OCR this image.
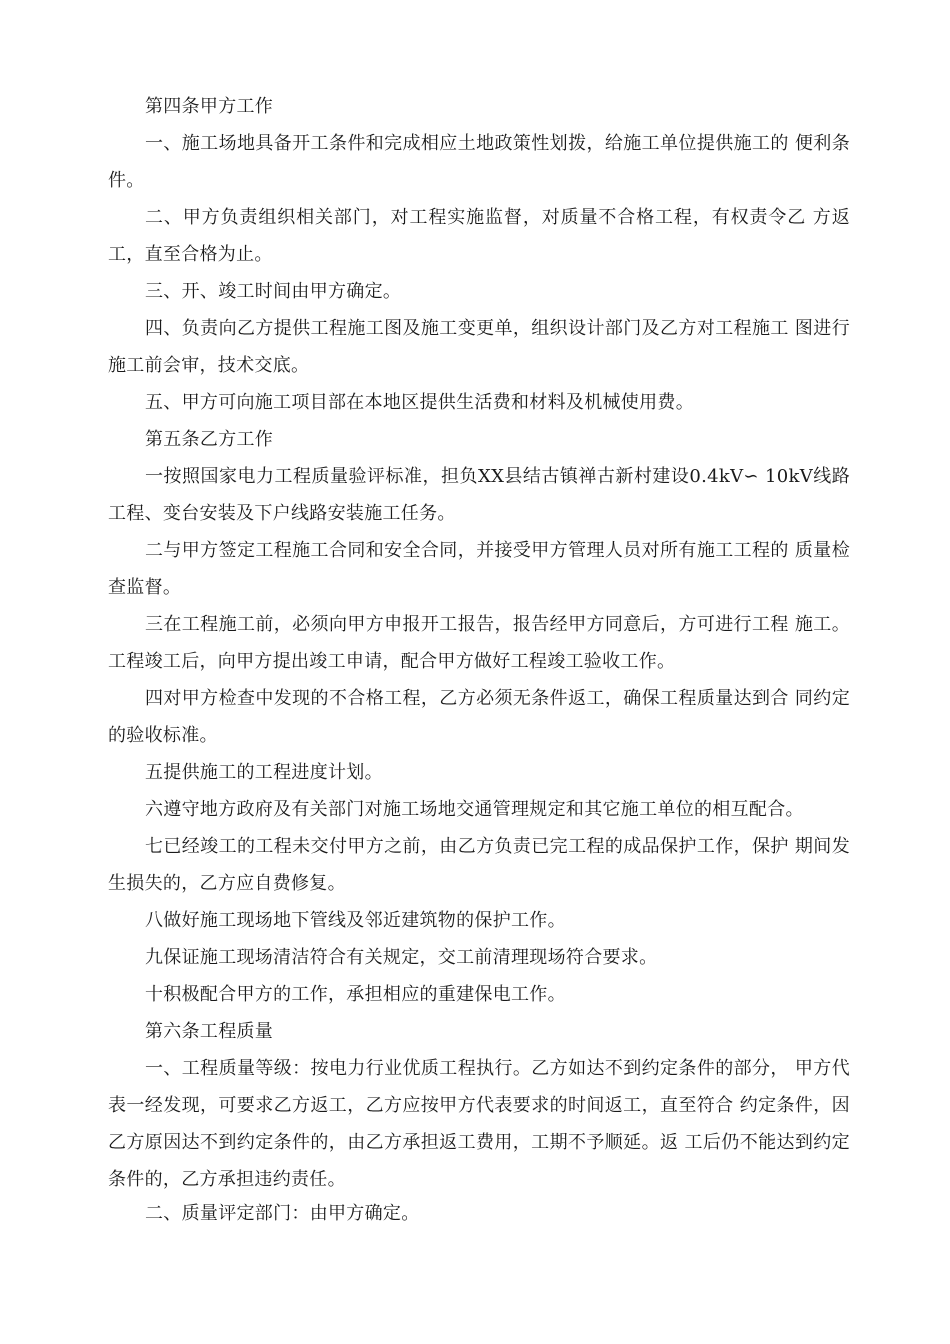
第四条甲方工作

一、施工场地具备开工条件和完成相应土地政策性划拨，给施工单位提供施工的 便利条件。

二、甲方负责组织相关部门，对工程实施监督，对质量不合格工程，有权责令乙 方返工，直至合格为止。

三、开、竣工时间由甲方确定。

四、负责向乙方提供工程施工图及施工变更单，组织设计部门及乙方对工程施工 图进行施工前会审，技术交底。

五、甲方可向施工项目部在本地区提供生活费和材料及机械使用费。

第五条乙方工作

一按照国家电力工程质量验评标准，担负XX县结古镇禅古新村建设0.4kV∽ 10kV线路工程、变台安装及下户线路安装施工任务。

二与甲方签定工程施工合同和安全合同，并接受甲方管理人员对所有施工工程的 质量检查监督。

三在工程施工前，必须向甲方申报开工报告，报告经甲方同意后，方可进行工程 施工。工程竣工后，向甲方提出竣工申请，配合甲方做好工程竣工验收工作。

四对甲方检查中发现的不合格工程，乙方必须无条件返工，确保工程质量达到合 同约定的验收标准。

五提供施工的工程进度计划。

六遵守地方政府及有关部门对施工场地交通管理规定和其它施工单位的相互配合。

七已经竣工的工程未交付甲方之前，由乙方负责已完工程的成品保护工作，保护 期间发生损失的，乙方应自费修复。

八做好施工现场地下管线及邻近建筑物的保护工作。

九保证施工现场清洁符合有关规定，交工前清理现场符合要求。

十积极配合甲方的工作，承担相应的重建保电工作。

第六条工程质量

一、工程质量等级：按电力行业优质工程执行。乙方如达不到约定条件的部分， 甲方代表一经发现，可要求乙方返工，乙方应按甲方代表要求的时间返工，直至符合 约定条件，因乙方原因达不到约定条件的，由乙方承担返工费用，工期不予顺延。返 工后仍不能达到约定条件的，乙方承担违约责任。

二、质量评定部门：由甲方确定。
